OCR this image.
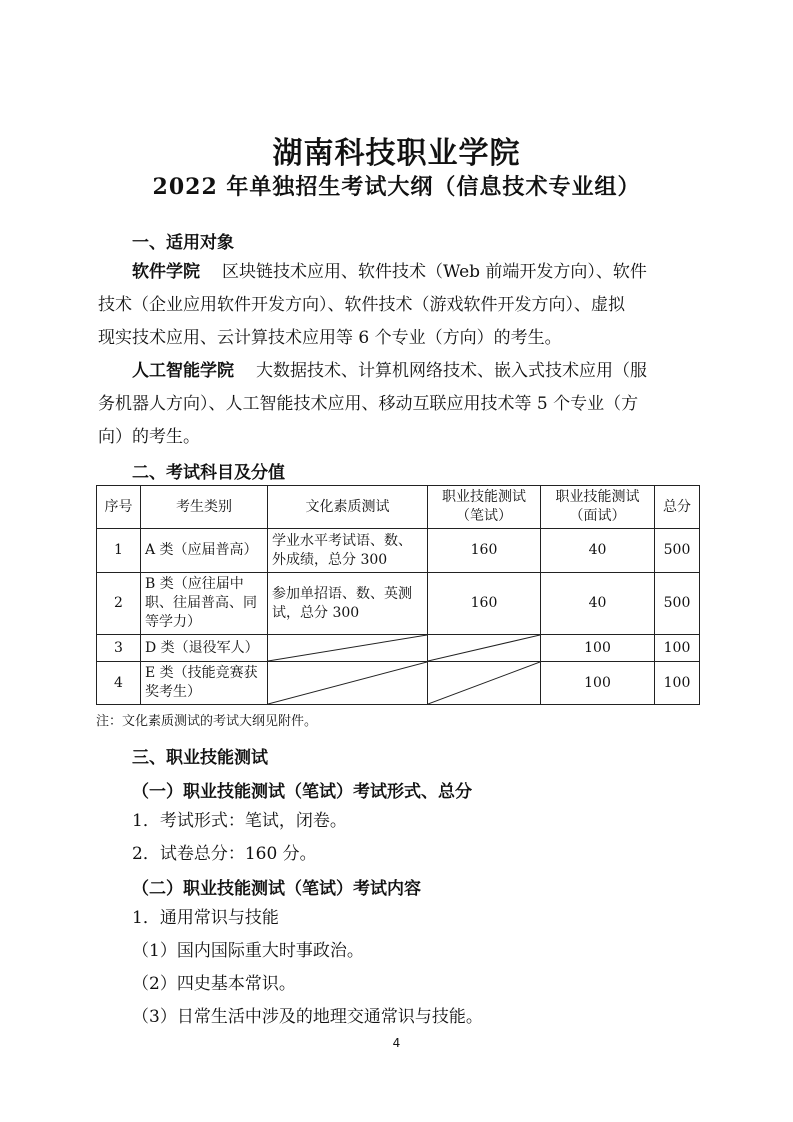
湖南科技职业学院
2022 年单独招生考试大纲（信息技术专业组）
一、适用对象
软件学院 区块链技术应用、软件技术（Web 前端开发方向）、软件
技术（企业应用软件开发方向）、软件技术（游戏软件开发方向）、虚拟
现实技术应用、云计算技术应用等 6 个专业（方向）的考生。
人工智能学院 大数据技术、计算机网络技术、嵌入式技术应用（服
务机器人方向）、人工智能技术应用、移动互联应用技术等 5 个专业（方
向）的考生。
二、考试科目及分值
序号	考生类别	文化素质测试	职业技能测试（笔试）	职业技能测试（面试）	总分
1	A 类（应届普高）	学业水平考试语、数、外成绩，总分 300	160	40	500
2	B 类（应往届中职、往届普高、同等学力）	参加单招语、数、英测试，总分 300	160	40	500
3	D 类（退役军人）			100	100
4	E 类（技能竞赛获奖考生）			100	100
注：文化素质测试的考试大纲见附件。
三、职业技能测试
（一）职业技能测试（笔试）考试形式、总分
1．考试形式：笔试，闭卷。
2．试卷总分：160 分。
（二）职业技能测试（笔试）考试内容
1．通用常识与技能
（1）国内国际重大时事政治。
（2）四史基本常识。
（3）日常生活中涉及的地理交通常识与技能。
4
